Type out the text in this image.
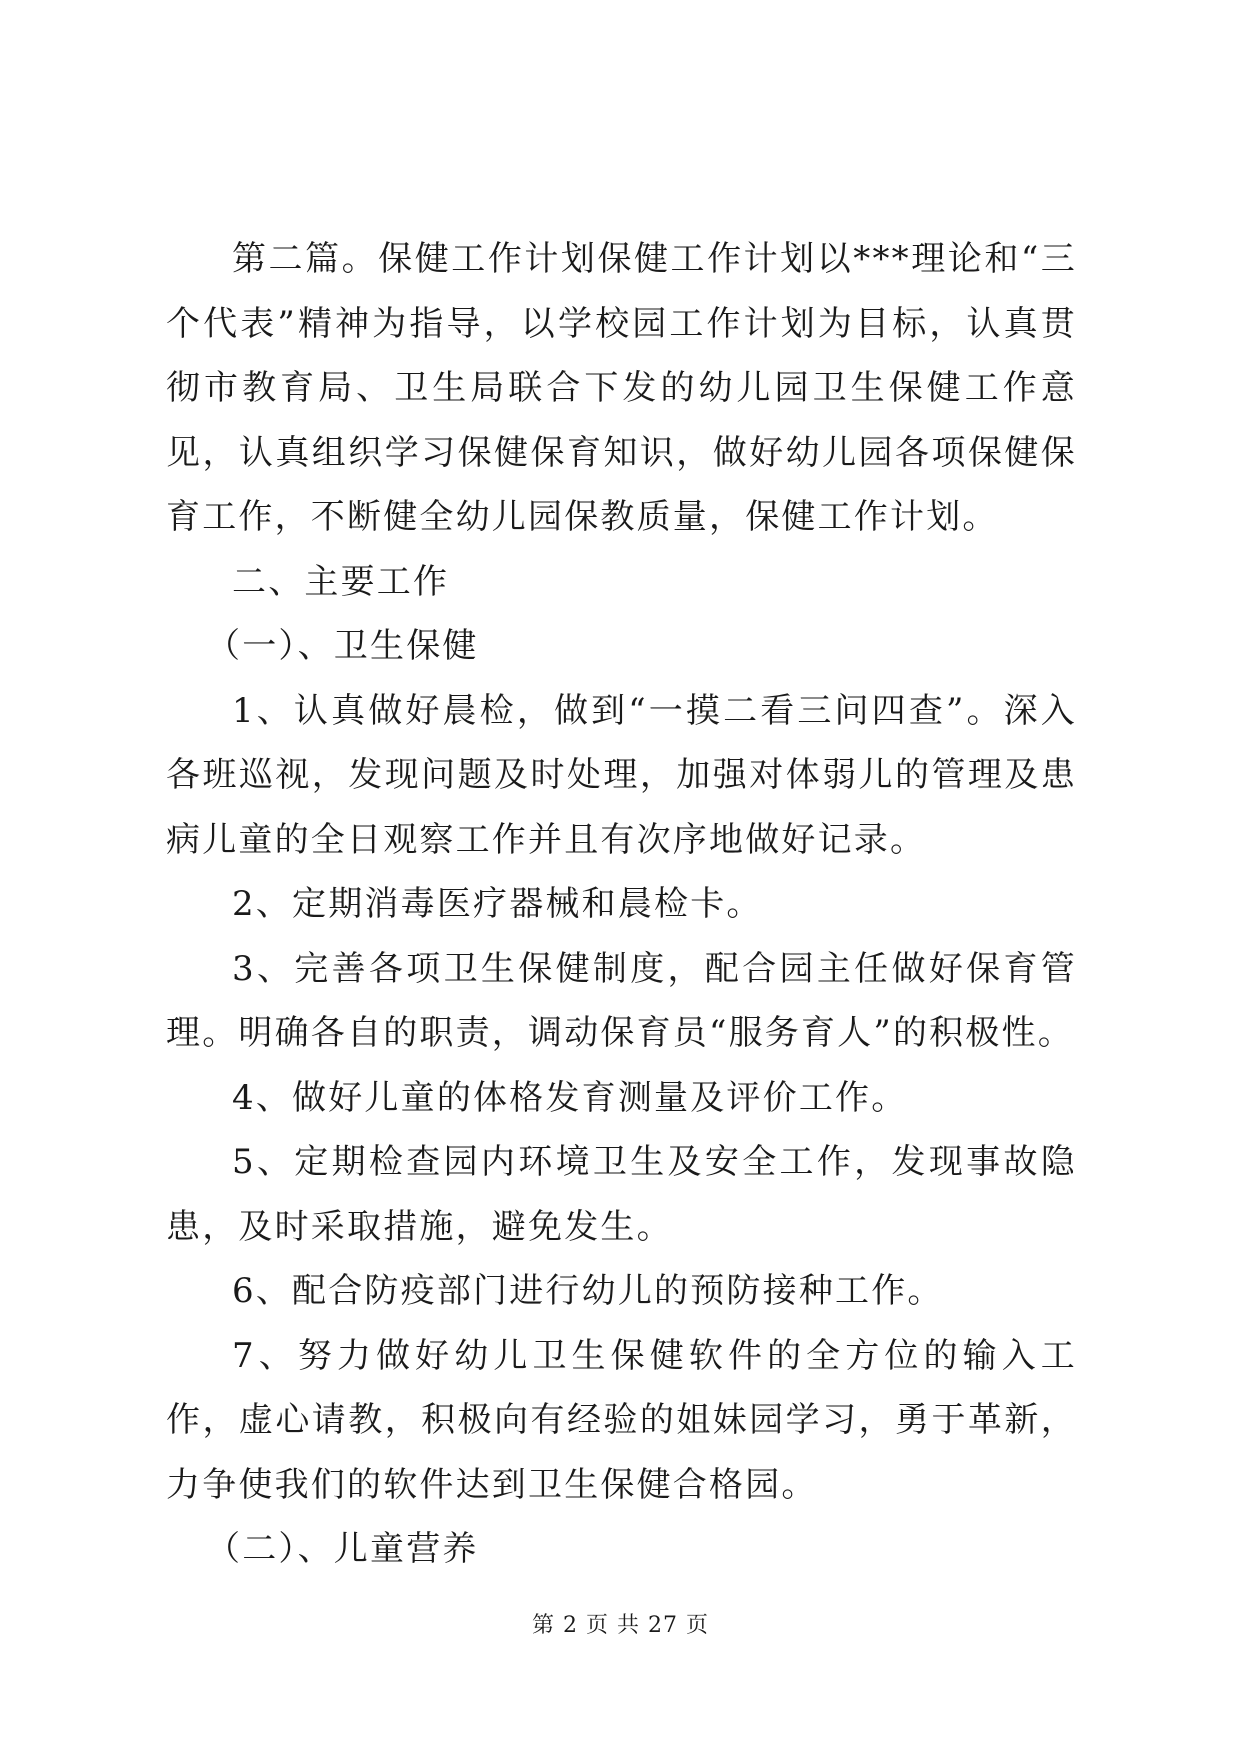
第二篇。保健工作计划保健工作计划以***理论和“三个代表”精神为指导，以学校园工作计划为目标，认真贯彻市教育局、卫生局联合下发的幼儿园卫生保健工作意见，认真组织学习保健保育知识，做好幼儿园各项保健保育工作，不断健全幼儿园保教质量，保健工作计划。

二、主要工作

（一）、卫生保健

1、认真做好晨检，做到“一摸二看三问四查”。深入各班巡视，发现问题及时处理，加强对体弱儿的管理及患病儿童的全日观察工作并且有次序地做好记录。

2、定期消毒医疗器械和晨检卡。

3、完善各项卫生保健制度，配合园主任做好保育管理。明确各自的职责，调动保育员“服务育人”的积极性。

4、做好儿童的体格发育测量及评价工作。

5、定期检查园内环境卫生及安全工作，发现事故隐患，及时采取措施，避免发生。

6、配合防疫部门进行幼儿的预防接种工作。

7、努力做好幼儿卫生保健软件的全方位的输入工作，虚心请教，积极向有经验的姐妹园学习，勇于革新，力争使我们的软件达到卫生保健合格园。

（二）、儿童营养

第 2 页 共 27 页
